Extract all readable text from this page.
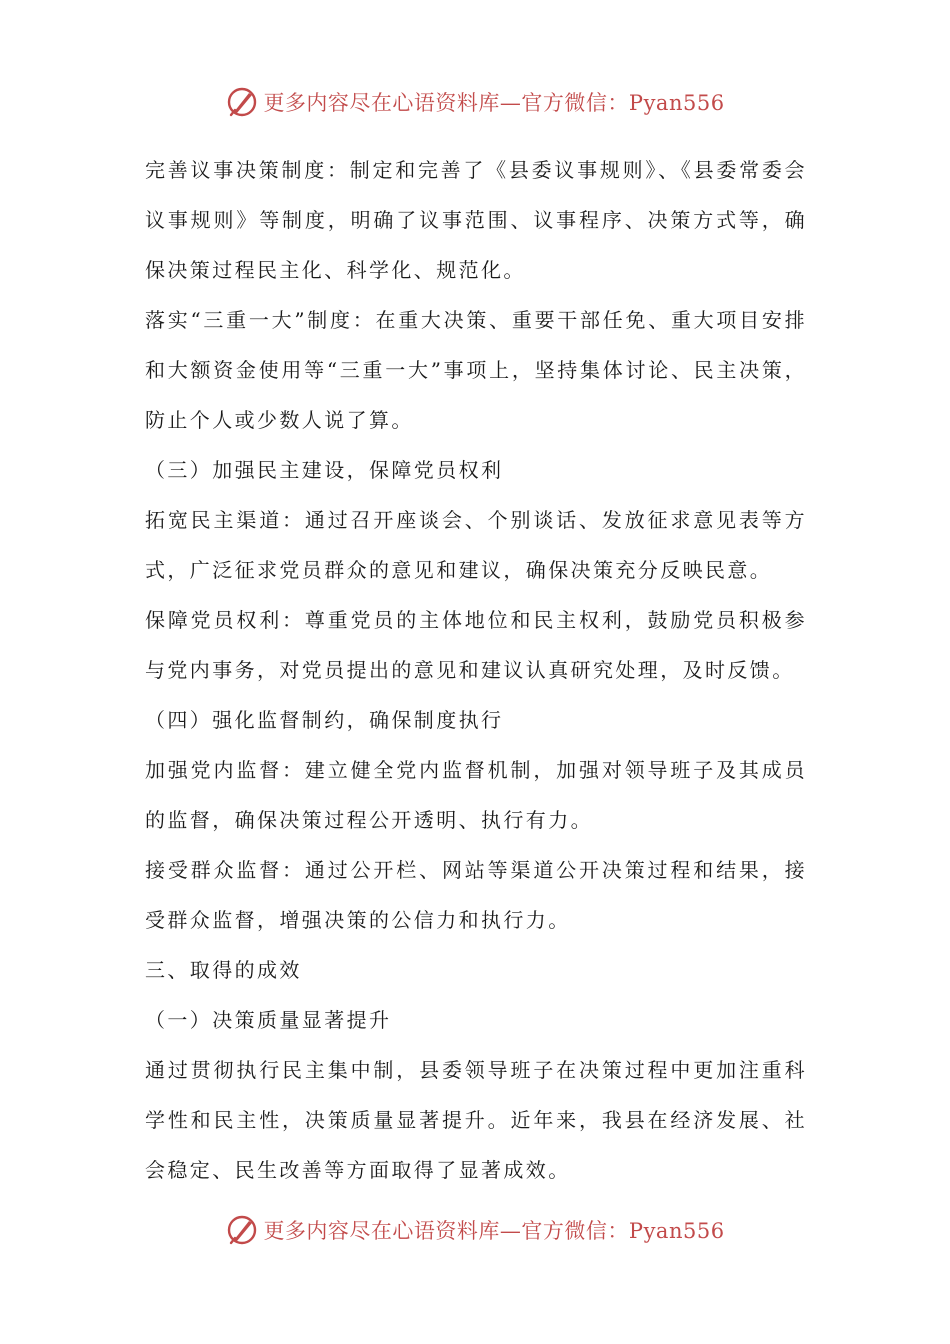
更多内容尽在心语资料库—官方微信：Pyan556

完善议事决策制度：制定和完善了《县委议事规则》、《县委常委会议事规则》等制度，明确了议事范围、议事程序、决策方式等，确保决策过程民主化、科学化、规范化。

落实“三重一大”制度：在重大决策、重要干部任免、重大项目安排和大额资金使用等“三重一大”事项上，坚持集体讨论、民主决策，防止个人或少数人说了算。

（三）加强民主建设，保障党员权利

拓宽民主渠道：通过召开座谈会、个别谈话、发放征求意见表等方式，广泛征求党员群众的意见和建议，确保决策充分反映民意。

保障党员权利：尊重党员的主体地位和民主权利，鼓励党员积极参与党内事务，对党员提出的意见和建议认真研究处理，及时反馈。

（四）强化监督制约，确保制度执行

加强党内监督：建立健全党内监督机制，加强对领导班子及其成员的监督，确保决策过程公开透明、执行有力。

接受群众监督：通过公开栏、网站等渠道公开决策过程和结果，接受群众监督，增强决策的公信力和执行力。

三、取得的成效

（一）决策质量显著提升

通过贯彻执行民主集中制，县委领导班子在决策过程中更加注重科学性和民主性，决策质量显著提升。近年来，我县在经济发展、社会稳定、民生改善等方面取得了显著成效。

更多内容尽在心语资料库—官方微信：Pyan556
